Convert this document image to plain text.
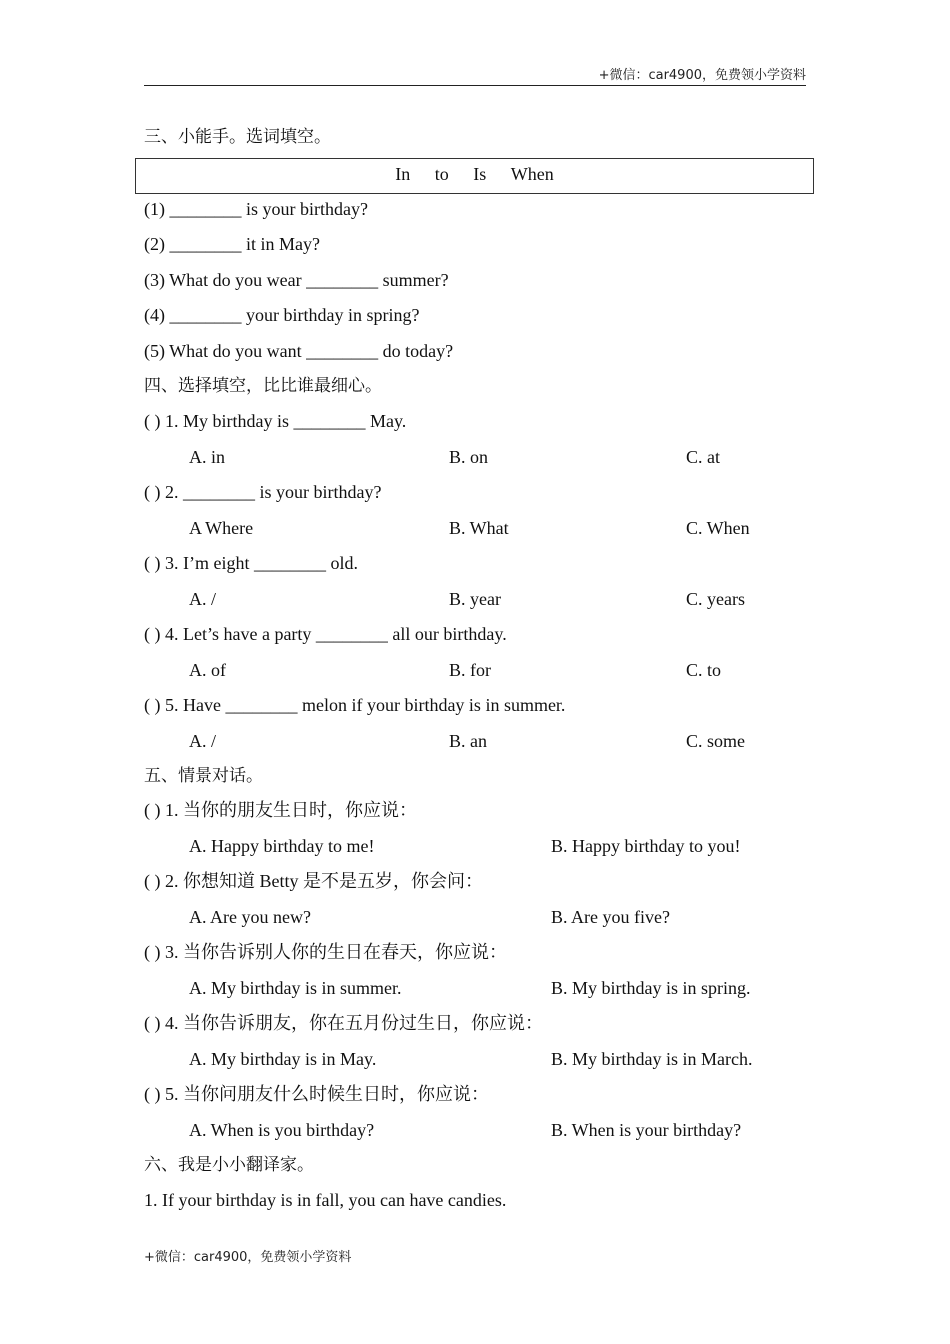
+微信：car4900，免费领小学资料
三、小能手。选词填空。
In to Is When
(1) ________ is your birthday?
(2) ________ it in May?
(3) What do you wear ________ summer?
(4) ________ your birthday in spring?
(5) What do you want ________ do today?
四、选择填空，比比谁最细心。
( ) 1. My birthday is ________ May.
A. in	B. on	C. at
( ) 2. ________ is your birthday?
A Where	B. What	C. When
( ) 3. I’m eight ________ old.
A. /	B. year	C. years
( ) 4. Let’s have a party ________ all our birthday.
A. of	B. for	C. to
( ) 5. Have ________ melon if your birthday is in summer.
A. /	B. an	C. some
五、情景对话。
( ) 1. 当你的朋友生日时，你应说：
A. Happy birthday to me!	B. Happy birthday to you!
( ) 2. 你想知道 Betty 是不是五岁，你会问：
A. Are you new?	B. Are you five?
( ) 3. 当你告诉别人你的生日在春天，你应说：
A. My birthday is in summer.	B. My birthday is in spring.
( ) 4. 当你告诉朋友，你在五月份过生日，你应说：
A. My birthday is in May.	B. My birthday is in March.
( ) 5. 当你问朋友什么时候生日时，你应说：
A. When is you birthday?	B. When is your birthday?
六、我是小小翻译家。
1. If your birthday is in fall, you can have candies.
+微信：car4900，免费领小学资料
